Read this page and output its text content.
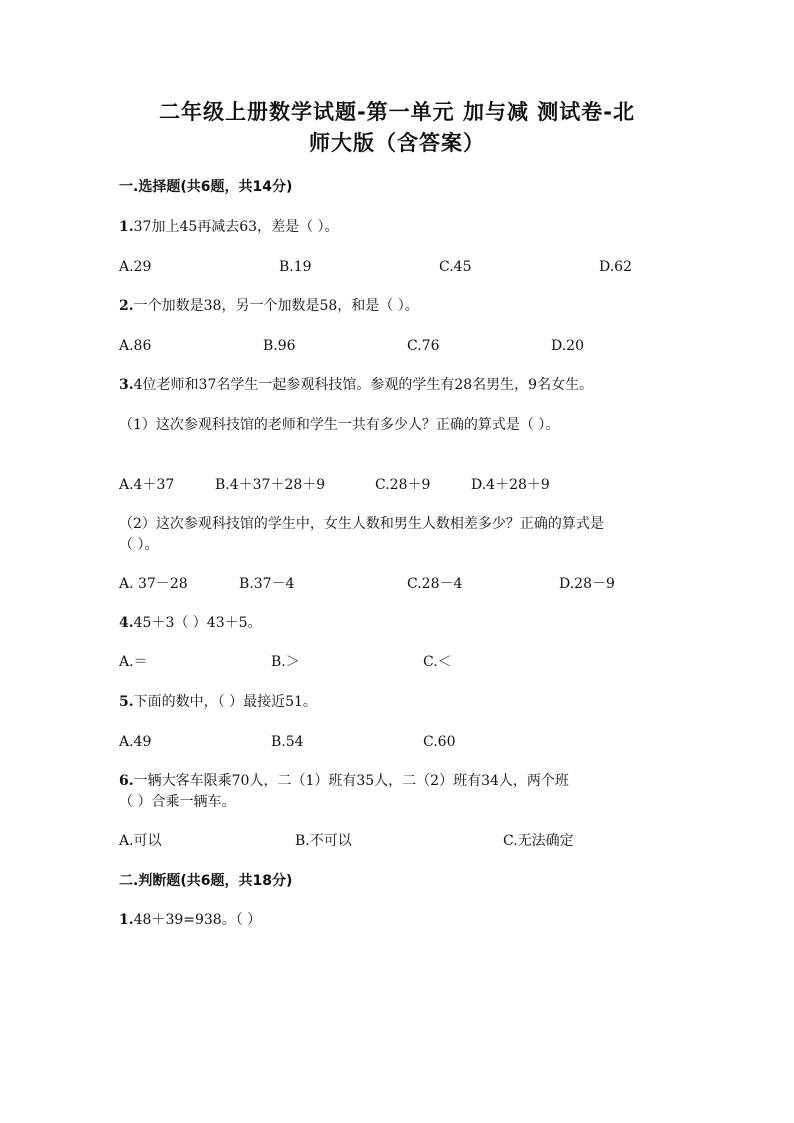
二年级上册数学试题-第一单元 加与减 测试卷-北
师大版（含答案）
一.选择题(共6题，共14分)
1.37加上45再减去63，差是（ ）。
A.29	B.19	C.45	D.62
2.一个加数是38，另一个加数是58，和是（ ）。
A.86	B.96	C.76	D.20
3.4位老师和37名学生一起参观科技馆。参观的学生有28名男生，9名女生。
（1）这次参观科技馆的老师和学生一共有多少人？正确的算式是（ ）。
A.4＋37	B.4＋37＋28＋9	C.28＋9	D.4＋28＋9
（2）这次参观科技馆的学生中，女生人数和男生人数相差多少？正确的算式是
（ ）。
A. 37－28	B.37－4	C.28－4	D.28－9
4.45＋3（ ）43＋5。
A.＝	B.＞	C.＜
5.下面的数中，（ ）最接近51。
A.49	B.54	C.60
6.一辆大客车限乘70人，二（1）班有35人，二（2）班有34人，两个班
（ ）合乘一辆车。
A.可以	B.不可以	C.无法确定
二.判断题(共6题，共18分)
1.48＋39=938。（ ）
